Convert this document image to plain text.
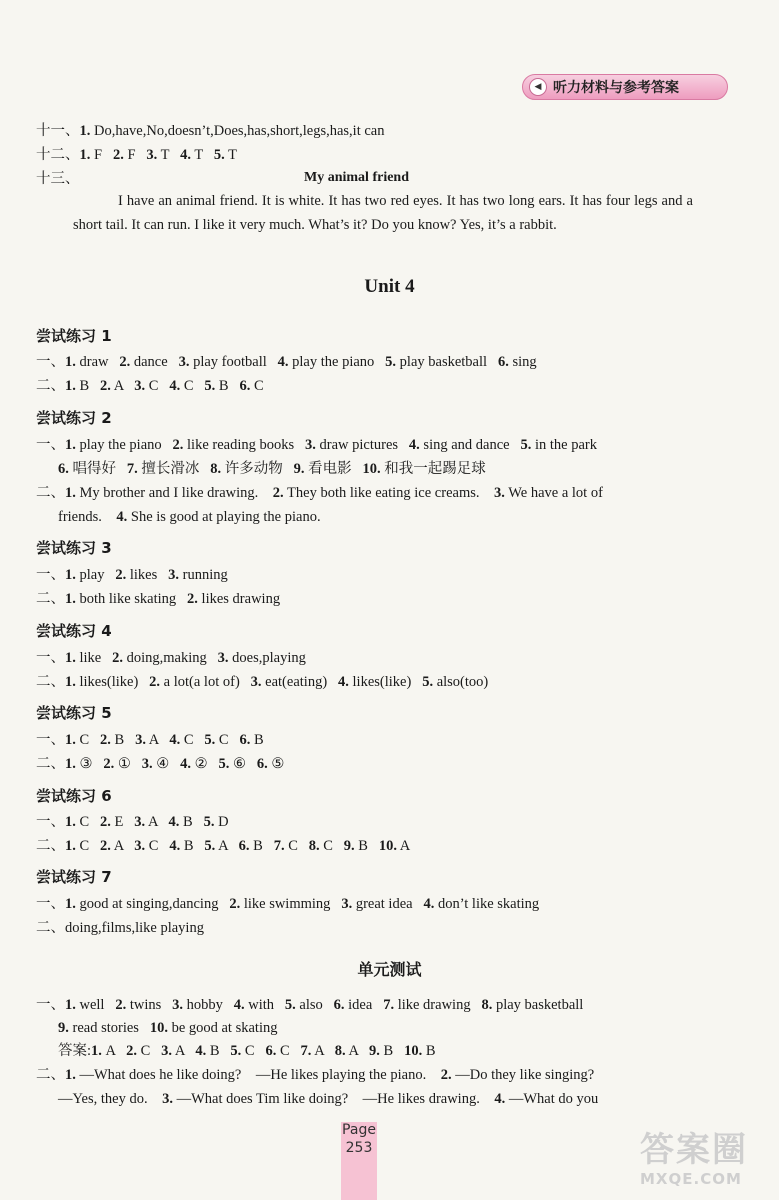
◀ 听力材料与参考答案
十一、1. Do,have,No,doesn’t,Does,has,short,legs,has,it can
十二、1. F   2. F   3. T   4. T   5. T
十三、	My animal friend
I have an animal friend. It is white. It has two red eyes. It has two long ears. It has four legs and a short tail. It can run. I like it very much. What’s it? Do you know? Yes, it’s a rabbit.
Unit 4
尝试练习 1
一、1. draw   2. dance   3. play football   4. play the piano   5. play basketball   6. sing
二、1. B   2. A   3. C   4. C   5. B   6. C
尝试练习 2
一、1. play the piano   2. like reading books   3. draw pictures   4. sing and dance   5. in the park
6. 唱得好   7. 擅长滑冰   8. 许多动物   9. 看电影   10. 和我一起踢足球
二、1. My brother and I like drawing.    2. They both like eating ice creams.    3. We have a lot of
friends.    4. She is good at playing the piano.
尝试练习 3
一、1. play   2. likes   3. running
二、1. both like skating   2. likes drawing
尝试练习 4
一、1. like   2. doing,making   3. does,playing
二、1. likes(like)   2. a lot(a lot of)   3. eat(eating)   4. likes(like)   5. also(too)
尝试练习 5
一、1. C   2. B   3. A   4. C   5. C   6. B
二、1. ③   2. ①   3. ④   4. ②   5. ⑥   6. ⑤
尝试练习 6
一、1. C   2. E   3. A   4. B   5. D
二、1. C   2. A   3. C   4. B   5. A   6. B   7. C   8. C   9. B   10. A
尝试练习 7
一、1. good at singing,dancing   2. like swimming   3. great idea   4. don’t like skating
二、doing,films,like playing
单元测试
一、1. well   2. twins   3. hobby   4. with   5. also   6. idea   7. like drawing   8. play basketball
9. read stories   10. be good at skating
答案:1. A   2. C   3. A   4. B   5. C   6. C   7. A   8. A   9. B   10. B
二、1. —What does he like doing?    —He likes playing the piano.    2. —Do they like singing?
—Yes, they do.    3. —What does Tim like doing?    —He likes drawing.    4. —What do you
Page
253	答案圈
MXQE.COM
